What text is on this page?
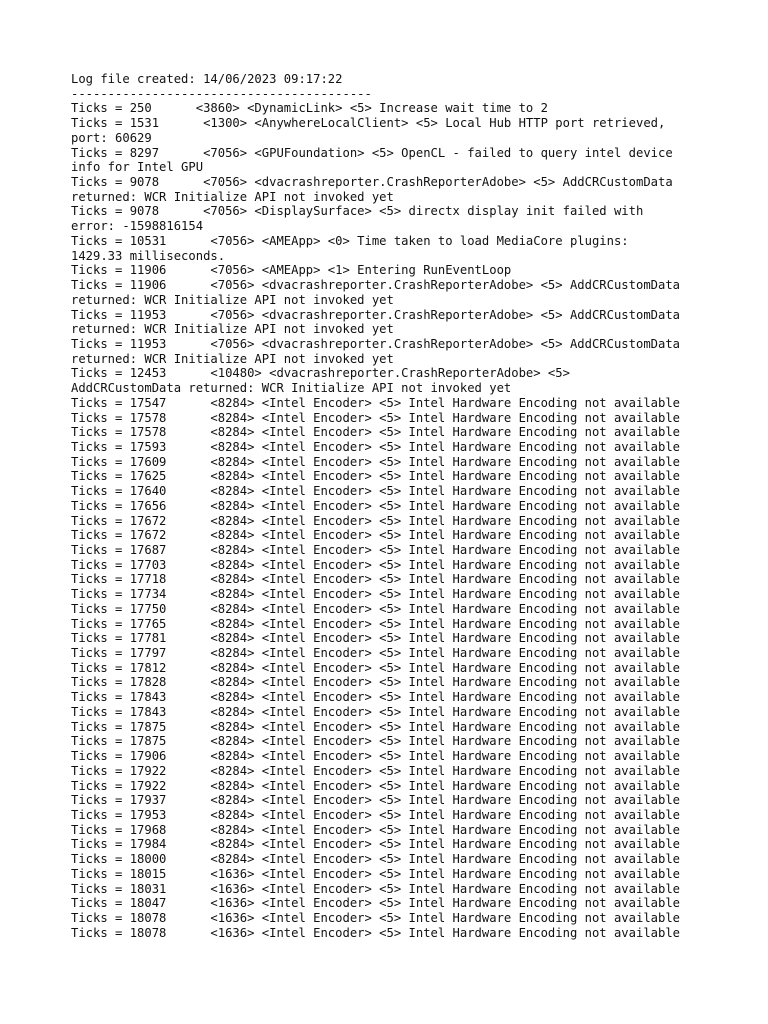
Log file created: 14/06/2023 09:17:22
-----------------------------------------
Ticks = 250      <3860> <DynamicLink> <5> Increase wait time to 2
Ticks = 1531      <1300> <AnywhereLocalClient> <5> Local Hub HTTP port retrieved,
port: 60629
Ticks = 8297      <7056> <GPUFoundation> <5> OpenCL - failed to query intel device
info for Intel GPU
Ticks = 9078      <7056> <dvacrashreporter.CrashReporterAdobe> <5> AddCRCustomData
returned: WCR Initialize API not invoked yet
Ticks = 9078      <7056> <DisplaySurface> <5> directx display init failed with
error: -1598816154
Ticks = 10531      <7056> <AMEApp> <0> Time taken to load MediaCore plugins:
1429.33 milliseconds.
Ticks = 11906      <7056> <AMEApp> <1> Entering RunEventLoop
Ticks = 11906      <7056> <dvacrashreporter.CrashReporterAdobe> <5> AddCRCustomData
returned: WCR Initialize API not invoked yet
Ticks = 11953      <7056> <dvacrashreporter.CrashReporterAdobe> <5> AddCRCustomData
returned: WCR Initialize API not invoked yet
Ticks = 11953      <7056> <dvacrashreporter.CrashReporterAdobe> <5> AddCRCustomData
returned: WCR Initialize API not invoked yet
Ticks = 12453      <10480> <dvacrashreporter.CrashReporterAdobe> <5>
AddCRCustomData returned: WCR Initialize API not invoked yet
Ticks = 17547      <8284> <Intel Encoder> <5> Intel Hardware Encoding not available
Ticks = 17578      <8284> <Intel Encoder> <5> Intel Hardware Encoding not available
Ticks = 17578      <8284> <Intel Encoder> <5> Intel Hardware Encoding not available
Ticks = 17593      <8284> <Intel Encoder> <5> Intel Hardware Encoding not available
Ticks = 17609      <8284> <Intel Encoder> <5> Intel Hardware Encoding not available
Ticks = 17625      <8284> <Intel Encoder> <5> Intel Hardware Encoding not available
Ticks = 17640      <8284> <Intel Encoder> <5> Intel Hardware Encoding not available
Ticks = 17656      <8284> <Intel Encoder> <5> Intel Hardware Encoding not available
Ticks = 17672      <8284> <Intel Encoder> <5> Intel Hardware Encoding not available
Ticks = 17672      <8284> <Intel Encoder> <5> Intel Hardware Encoding not available
Ticks = 17687      <8284> <Intel Encoder> <5> Intel Hardware Encoding not available
Ticks = 17703      <8284> <Intel Encoder> <5> Intel Hardware Encoding not available
Ticks = 17718      <8284> <Intel Encoder> <5> Intel Hardware Encoding not available
Ticks = 17734      <8284> <Intel Encoder> <5> Intel Hardware Encoding not available
Ticks = 17750      <8284> <Intel Encoder> <5> Intel Hardware Encoding not available
Ticks = 17765      <8284> <Intel Encoder> <5> Intel Hardware Encoding not available
Ticks = 17781      <8284> <Intel Encoder> <5> Intel Hardware Encoding not available
Ticks = 17797      <8284> <Intel Encoder> <5> Intel Hardware Encoding not available
Ticks = 17812      <8284> <Intel Encoder> <5> Intel Hardware Encoding not available
Ticks = 17828      <8284> <Intel Encoder> <5> Intel Hardware Encoding not available
Ticks = 17843      <8284> <Intel Encoder> <5> Intel Hardware Encoding not available
Ticks = 17843      <8284> <Intel Encoder> <5> Intel Hardware Encoding not available
Ticks = 17875      <8284> <Intel Encoder> <5> Intel Hardware Encoding not available
Ticks = 17875      <8284> <Intel Encoder> <5> Intel Hardware Encoding not available
Ticks = 17906      <8284> <Intel Encoder> <5> Intel Hardware Encoding not available
Ticks = 17922      <8284> <Intel Encoder> <5> Intel Hardware Encoding not available
Ticks = 17922      <8284> <Intel Encoder> <5> Intel Hardware Encoding not available
Ticks = 17937      <8284> <Intel Encoder> <5> Intel Hardware Encoding not available
Ticks = 17953      <8284> <Intel Encoder> <5> Intel Hardware Encoding not available
Ticks = 17968      <8284> <Intel Encoder> <5> Intel Hardware Encoding not available
Ticks = 17984      <8284> <Intel Encoder> <5> Intel Hardware Encoding not available
Ticks = 18000      <8284> <Intel Encoder> <5> Intel Hardware Encoding not available
Ticks = 18015      <1636> <Intel Encoder> <5> Intel Hardware Encoding not available
Ticks = 18031      <1636> <Intel Encoder> <5> Intel Hardware Encoding not available
Ticks = 18047      <1636> <Intel Encoder> <5> Intel Hardware Encoding not available
Ticks = 18078      <1636> <Intel Encoder> <5> Intel Hardware Encoding not available
Ticks = 18078      <1636> <Intel Encoder> <5> Intel Hardware Encoding not available
